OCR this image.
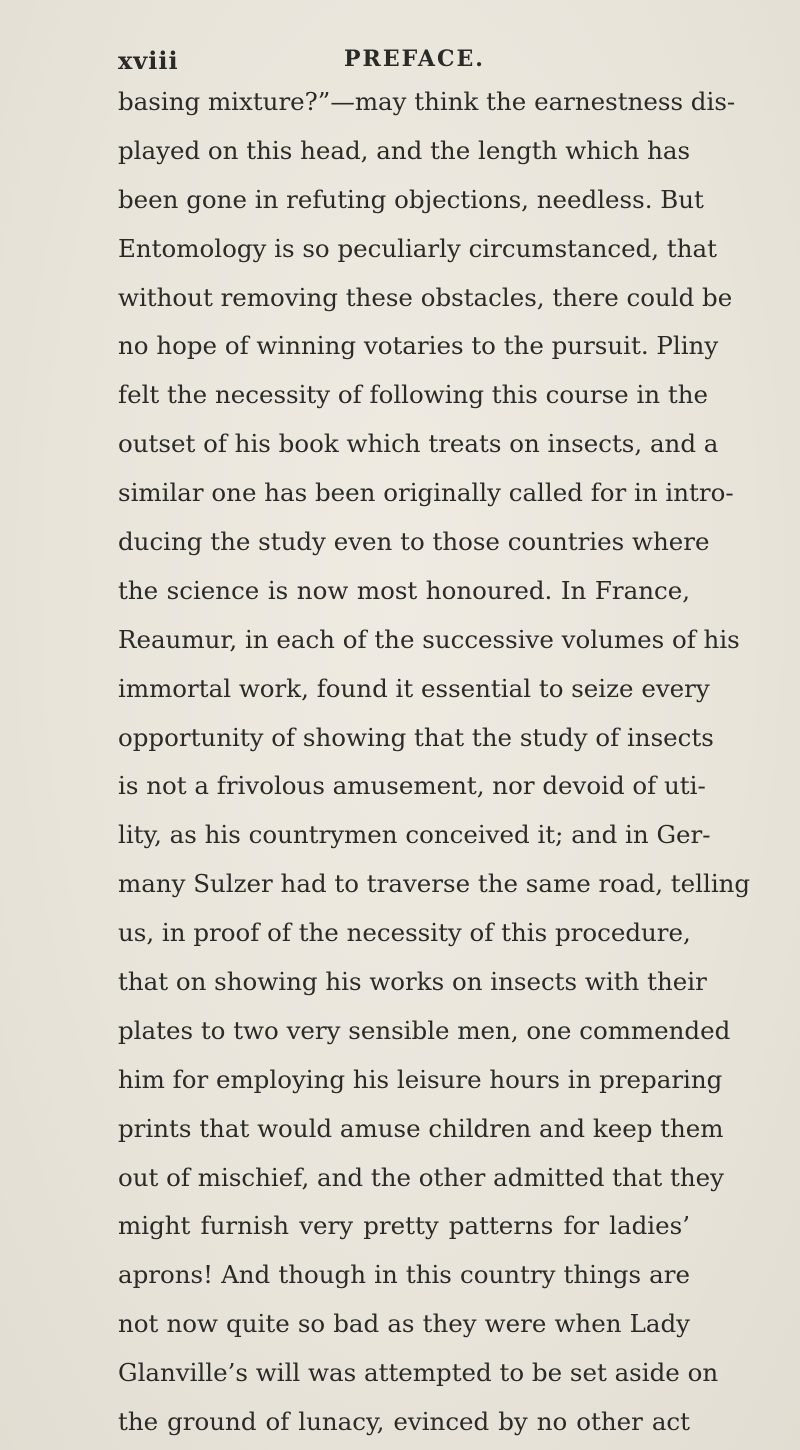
xviii	PREFACE.
basing mixture?”—may think the earnestness dis-
played on this head, and the length which has
been gone in refuting objections, needless. But
Entomology is so peculiarly circumstanced, that
without removing these obstacles, there could be
no hope of winning votaries to the pursuit. Pliny
felt the necessity of following this course in the
outset of his book which treats on insects, and a
similar one has been originally called for in intro-
ducing the study even to those countries where
the science is now most honoured. In France,
Reaumur, in each of the successive volumes of his
immortal work, found it essential to seize every
opportunity of showing that the study of insects
is not a frivolous amusement, nor devoid of uti-
lity, as his countrymen conceived it; and in Ger-
many Sulzer had to traverse the same road, telling
us, in proof of the necessity of this procedure,
that on showing his works on insects with their
plates to two very sensible men, one commended
him for employing his leisure hours in preparing
prints that would amuse children and keep them
out of mischief, and the other admitted that they
might furnish very pretty patterns for ladies’
aprons! And though in this country things are
not now quite so bad as they were when Lady
Glanville’s will was attempted to be set aside on
the ground of lunacy, evinced by no other act
